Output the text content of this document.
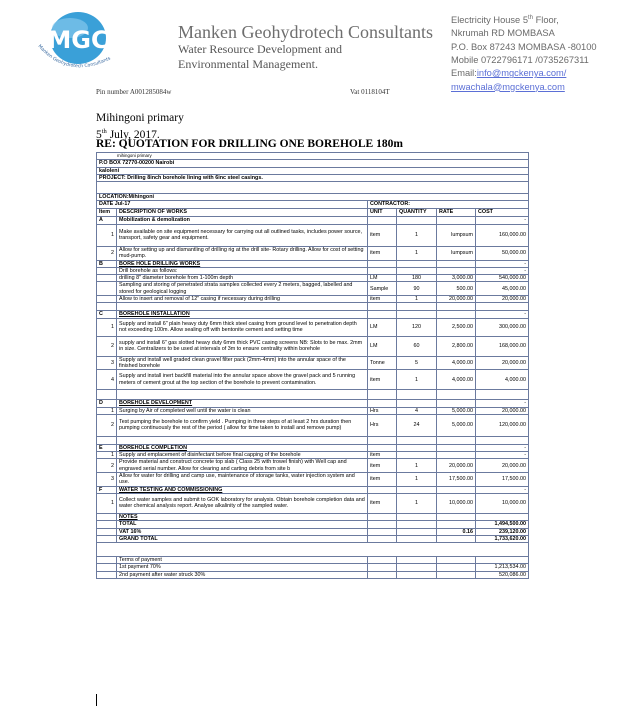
MGC
Manken Geohydrotech Consultants
Manken Geohydrotech Consultants
Water Resource Development and Environmental Management.
Electricity House 5th Floor,
Nkrumah RD MOMBASA
P.O. Box 87243 MOMBASA -80100
Mobile 0722796171 /0735267311
Email:info@mgckenya.com/
mwachala@mgckenya.com
Pin number A001285084w	Vat 0118104T
Mihingoni primary
5th July, 2017.
RE: QUOTATION FOR DRILLING ONE BOREHOLE 180m
mihingoni primary					
P.O BOX 72770-00200 Nairobi					
kaloleni					
PROJECT: Drilling 8inch borehole lining with 6inc steel casings.					

LOCATION:Mihingoni					
DATE Jul-17		CONTRACTOR:			
Item	DESCRIPTION OF WORKS	UNIT	QUANTITY	RATE	COST
A	Mobilization & demolization				-
1	Make available on site equipment necessary for carrying out all outlined tasks, includes power source, transport, safety gear and equipment.	item	1	lumpsum	160,000.00
2	Allow for setting up and dismantling of drilling rig at the drill site- Rotary drilling. Allow for cost of setting mud-pump.	item	1	lumpsum	50,000.00
B	BORE HOLE DRILLING WORKS				-
	Drill borehole as follows:				-
	drilling 8" diameter borehole from 1-100m depth	LM	180	3,000.00	540,000.00
	Sampling and storing of penetrated strata samples collected every 2 meters, bagged, labelled and stored for geological logging	Sample	90	500.00	45,000.00
	Allow to insert and removal of 12" casing if necessary during drilling	item	1	20,000.00	20,000.00

C	BOREHOLE INSTALLATION				-
1	Supply and install 6" plain heavy duty 6mm thick steel casing from ground level to penetration depth not exceeding 100m. Allow sealing off with bentonite cement and setting time	LM	120	2,500.00	300,000.00
2	supply and install 6" gas slotted heavy duty 6mm thick PVC casing screens NB: Slots to be max. 2mm in size. Centralizers to be used at intervals of 3m to ensure centrality within borehole	LM	60	2,800.00	168,000.00
3	Supply and install well graded clean gravel filter pack (2mm-4mm) into the annular space of the finished borehole	Tonne	5	4,000.00	20,000.00
4	Supply and install inert backfill material into the annular space above the gravel pack and 5 running meters of cement grout at the top section of the borehole to prevent contamination.	item	1	4,000.00	4,000.00

D	BOREHOLE DEVELOPMENT				-
1	Surging by Air of completed well until the water is clean	Hrs	4	5,000.00	20,000.00
2	Test pumping the borehole to confirm yield . Pumping in three steps of at least 2 hrs duration then pumping continuously the rest of the period ( allow for time taken to install and remove pump)	Hrs	24	5,000.00	120,000.00

E	BOREHOLE COMPLETION				-
1	Supply and emplacement of disinfectant before final capping of the borehole	item			-
2	Provide material and construct concrete top slab ( Class 25 with trowel finish) with Well cap and engraved serial number. Allow for clearing and carting debris from site b	item	1	20,000.00	20,000.00
3	Allow for water for drilling and camp use, maintenance of storage tanks, water injection system and use.	item	1	17,500.00	17,500.00
F	WATER TESTING AND COMMISSIONING				-
1	Collect water samples and submit to GOK laboratory for analysis. Obtain borehole completion data and water chemical analysis report. Analyse alkalinity of the sampled water.	item	1	10,000.00	10,000.00
	NOTES				
	TOTAL				1,494,500.00
	VAT 16%			0.16	239,120.00
	GRAND TOTAL				1,733,620.00

	Terms of payment				
	1st payment 70%				1,213,534.00
	2nd payment after water struck 30%				520,086.00
